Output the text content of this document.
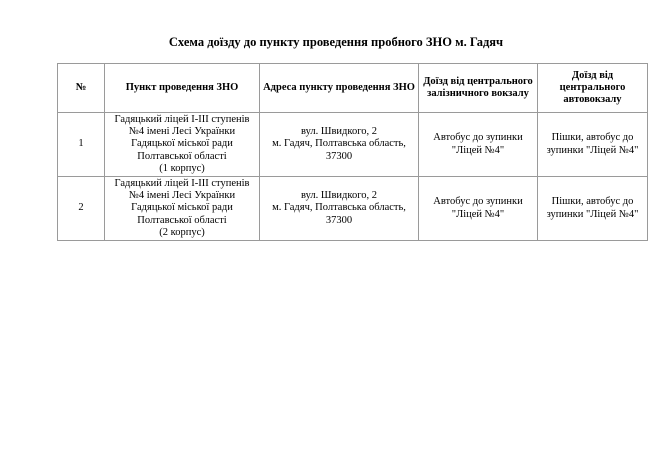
Схема доїзду до пункту проведення пробного ЗНО м. Гадяч
№	Пункт проведення ЗНО	Адреса пункту проведення ЗНО	Доїзд від центрального залізничного вокзалу	Доїзд від центрального автовокзалу
1	Гадяцький ліцей I-III ступенів
№4 імені Лесі Українки
Гадяцької міської ради
Полтавської області
(1 корпус)	вул. Швидкого, 2
м. Гадяч, Полтавська область,
37300	Автобус до зупинки
"Ліцей №4"	Пішки, автобус до
зупинки "Ліцей №4"

2	Гадяцький ліцей I-III ступенів
№4 імені Лесі Українки
Гадяцької міської ради
Полтавської області
(2 корпус)	вул. Швидкого, 2
м. Гадяч, Полтавська область,
37300	Автобус до зупинки
"Ліцей №4"	Пішки, автобус до
зупинки "Ліцей №4"
